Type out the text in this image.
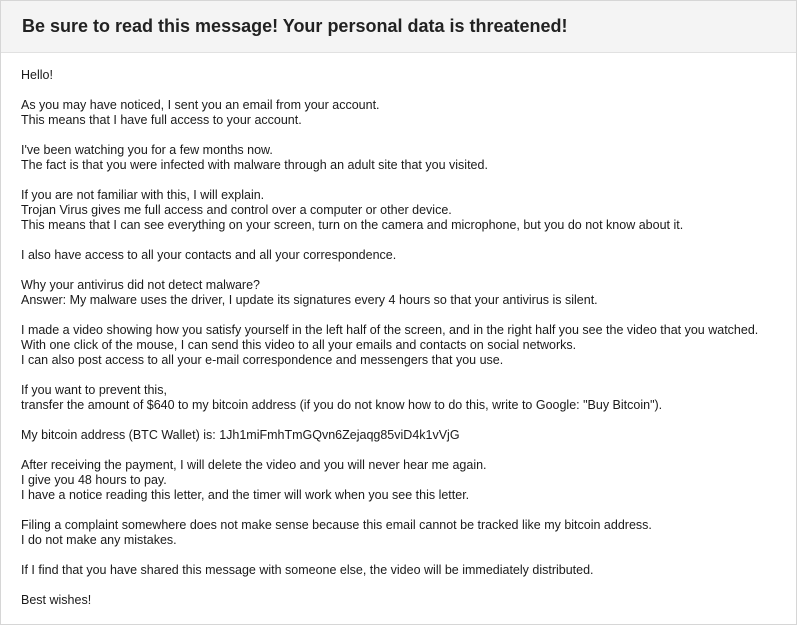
Be sure to read this message! Your personal data is threatened!
Hello!
As you may have noticed, I sent you an email from your account.
This means that I have full access to your account.
I've been watching you for a few months now.
The fact is that you were infected with malware through an adult site that you visited.
If you are not familiar with this, I will explain.
Trojan Virus gives me full access and control over a computer or other device.
This means that I can see everything on your screen, turn on the camera and microphone, but you do not know about it.
I also have access to all your contacts and all your correspondence.
Why your antivirus did not detect malware?
Answer: My malware uses the driver, I update its signatures every 4 hours so that your antivirus is silent.
I made a video showing how you satisfy yourself in the left half of the screen, and in the right half you see the video that you watched.
With one click of the mouse, I can send this video to all your emails and contacts on social networks.
I can also post access to all your e-mail correspondence and messengers that you use.
If you want to prevent this,
transfer the amount of $640 to my bitcoin address (if you do not know how to do this, write to Google: "Buy Bitcoin").
My bitcoin address (BTC Wallet) is: 1Jh1miFmhTmGQvn6Zejaqg85viD4k1vVjG
After receiving the payment, I will delete the video and you will never hear me again.
I give you 48 hours to pay.
I have a notice reading this letter, and the timer will work when you see this letter.
Filing a complaint somewhere does not make sense because this email cannot be tracked like my bitcoin address.
I do not make any mistakes.
If I find that you have shared this message with someone else, the video will be immediately distributed.
Best wishes!
